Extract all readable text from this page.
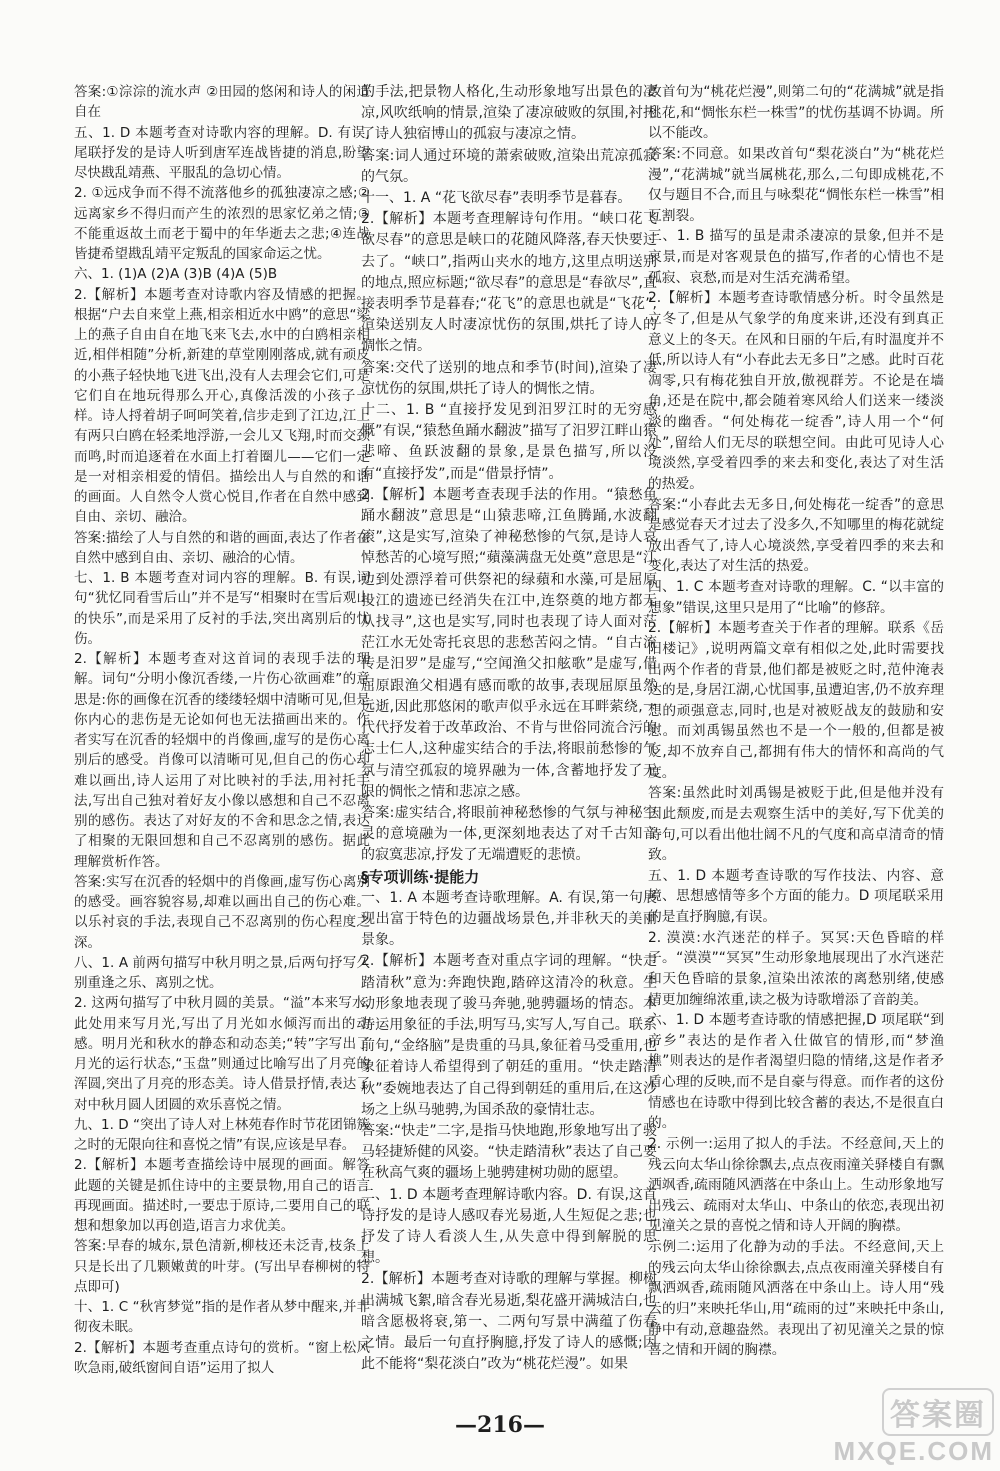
答案:①淙淙的流水声 ②田园的悠闲和诗人的闲适自在

五、1. D 本题考查对诗歌内容的理解。D. 有误,尾联抒发的是诗人听到唐军连战皆捷的消息,盼望尽快戡乱靖燕、平服乱的急切心情。

2. ①远戍争而不得不流落他乡的孤独凄凉之感;②远离家乡不得归而产生的浓烈的思家忆弟之情;③不能重返故土而老于蜀中的年华逝去之悲;④连战皆捷希望戡乱靖平定叛乱的国家命运之忧。

六、1. (1)A (2)A (3)B (4)A (5)B

2.【解析】本题考查对诗歌内容及情感的把握。根据“户去自来堂上燕,相亲相近水中鸥”的意思“梁上的燕子自由自在地飞来飞去,水中的白鸥相亲相近,相伴相随”分析,新建的草堂刚刚落成,就有顽皮的小燕子轻快地飞进飞出,没有人去理会它们,可是它们自在地玩得那么开心,真像活泼的小孩子一样。诗人捋着胡子呵呵笑着,信步走到了江边,江上有两只白鸥在轻柔地浮游,一会儿又飞翔,时而交颈而鸣,时而追逐着在水面上打着圈儿——它们一定是一对相亲相爱的情侣。描绘出人与自然的和谐的画面。人自然令人赏心悦目,作者在自然中感到自由、亲切、融洽。

答案:描绘了人与自然的和谐的画面,表达了作者在自然中感到自由、亲切、融洽的心情。

七、1. B 本题考查对词内容的理解。B. 有误,词句“犹忆同看雪后山”并不是写“相聚时在雪后观山的快乐”,而是采用了反衬的手法,突出离别后的忧伤。

2.【解析】本题考查对这首词的表现手法的理解。词句“分明小像沉香缕,一片伤心欲画难”的意思是:你的画像在沉香的缕缕轻烟中清晰可见,但是你内心的悲伤是无论如何也无法描画出来的。作者实写在沉香的轻烟中的肖像画,虚写的是伤心离别后的感受。肖像可以清晰可见,但自己的伤心却难以画出,诗人运用了对比映衬的手法,用衬托手法,写出自己独对着好友小像以感想和自己不忍离别的感伤。表达了对好友的不舍和思念之情,表达了相聚的无限回想和自己不忍离别的感伤。据此理解赏析作答。

答案:实写在沉香的轻烟中的肖像画,虚写伤心离别的感受。画容貌容易,却难以画出自己的伤心难。以乐衬哀的手法,表现自己不忍离别的伤心程度之深。

八、1. A 前两句描写中秋月明之景,后两句抒写久别重逢之乐、离别之忧。

2. 这两句描写了中秋月圆的美景。“溢”本来写水,此处用来写月光,写出了月光如水倾泻而出的动感。明月光和秋水的静态和动态美;“转”字写出了月光的运行状态,“玉盘”则通过比喻写出了月亮的浑圆,突出了月亮的形态美。诗人借景抒情,表达了对中秋月圆人团圆的欢乐喜悦之情。

九、1. D “突出了诗人对上林苑春作时节花团锦簇之时的无限向往和喜悦之情”有误,应该是早春。

2.【解析】本题考查描绘诗中展现的画面。解答此题的关键是抓住诗中的主要景物,用自己的语言再现画面。描述时,一要忠于原诗,二要用自己的联想和想象加以再创造,语言力求优美。

答案:早春的城东,景色清新,柳枝还未泛青,枝条上只是长出了几颗嫩黄的叶芽。(写出早春柳树的特点即可)

十、1. C “秋宵梦觉”指的是作者从梦中醒来,并非彻夜未眠。

2.【解析】本题考查重点诗句的赏析。“窗上松风吹急雨,破纸窗间自语”运用了拟人

的手法,把景物人格化,生动形象地写出景色的凄凉,风吹纸响的情景,渲染了凄凉破败的氛围,衬托了诗人独宿博山的孤寂与凄凉之情。

答案:词人通过环境的萧索破败,渲染出荒凉孤寂的气氛。

十一、1. A “花飞欲尽春”表明季节是暮春。

2.【解析】本题考查理解诗句作用。“峡口花飞欲尽春”的意思是峡口的花随风降落,春天快要过去了。“峡口”,指两山夹水的地方,这里点明送别的地点,照应标题;“欲尽春”的意思是“春欲尽”,直接表明季节是暮春;“花飞”的意思也就是“飞花”,渲染送别友人时凄凉忧伤的氛围,烘托了诗人的惆怅之情。

答案:交代了送别的地点和季节(时间),渲染了凄凉忧伤的氛围,烘托了诗人的惆怅之情。

十二、1. B “直接抒发见到汨罗江时的无穷感慨”有误,“猿愁鱼踊水翻波”描写了汨罗江畔山猿悲啼、鱼跃波翻的景象,是景色描写,所以没有“直接抒发”,而是“借景抒情”。

2.【解析】本题考查表现手法的作用。“猿愁鱼踊水翻波”意思是“山猿悲啼,江鱼腾踊,水波翻滚”,这是实写,渲染了神秘愁惨的气氛,是诗人哀悼愁苦的心境写照;“蘋藻满盘无处奠”意思是“江边到处漂浮着可供祭祀的绿蘋和水藻,可是屈原投江的遗迹已经消失在江中,连祭奠的地方都无从找寻”,这也是实写,同时也表现了诗人面对茫茫江水无处寄托哀思的悲愁苦闷之情。“自古流传是汨罗”是虚写,“空闻渔父扣舷歌”是虚写,借屈原跟渔父相遇有感而歌的故事,表现屈原虽然远逝,因此那悠闲的歌声似乎永远在耳畔萦绕,一代代抒发着于改革政治、不肯与世俗同流合污的志士仁人,这种虚实结合的手法,将眼前愁惨的气氛与清空孤寂的境界融为一体,含蓄地抒发了无限的惆怅之情和悲凉之感。

答案:虚实结合,将眼前神秘愁惨的气氛与神秘空灵的意境融为一体,更深刻地表达了对千古知音的寂寞悲凉,抒发了无端遭贬的悲愤。

§专项训练·提能力

一、1. A 本题考查诗歌理解。A. 有误,第一句展现出富于特色的边疆战场景色,并非秋天的美丽景象。

2.【解析】本题考查对重点字词的理解。“快走踏清秋”意为:奔跑快跑,踏碎这清冷的秋意。生动形象地表现了骏马奔驰,驰骋疆场的情态。本诗运用象征的手法,明写马,实写人,写自己。联系前句,“金络脑”是贵重的马具,象征着马受重用,也象征着诗人希望得到了朝廷的重用。“快走踏清秋”委婉地表达了自己得到朝廷的重用后,在这沙场之上纵马驰骋,为国杀敌的豪情壮志。

答案:“快走”二字,是指马快地跑,形象地写出了骏马轻捷矫健的风姿。“快走踏清秋”表达了自己要在秋高气爽的疆场上驰骋建树功勋的愿望。

二、1. D 本题考查理解诗歌内容。D. 有误,这首诗抒发的是诗人感叹春光易逝,人生短促之悲;也抒发了诗人看淡人生,从失意中得到解脱的思想。

2.【解析】本题考查对诗歌的理解与掌握。柳树出满城飞絮,暗含春光易逝,梨花盛开满城洁白,也暗含愿极将衰,第一、二两句写景中满蕴了伤春之情。最后一句直抒胸臆,抒发了诗人的感慨;因此不能将“梨花淡白”改为“桃花烂漫”。如果

改首句为“桃花烂漫”,则第二句的“花满城”就是指桃花,和“惆怅东栏一株雪”的忧伤基调不协调。所以不能改。

答案:不同意。如果改首句“梨花淡白”为“桃花烂漫”,“花满城”就当属桃花,那么,二句即成桃花,不仅与题目不合,而且与咏梨花“惆怅东栏一株雪”相互割裂。

三、1. B 描写的虽是肃杀凄凉的景象,但并不是哀景,而是对客观景色的描写,作者的心情也不是孤寂、哀愁,而是对生活充满希望。

2.【解析】本题考查诗歌情感分析。时令虽然是立冬了,但是从气象学的角度来讲,还没有到真正意义上的冬天。在风和日丽的午后,有时温度并不低,所以诗人有“小春此去无多日”之感。此时百花凋零,只有梅花独自开放,傲视群芳。不论是在墙角,还是在院中,都会随着寒风给人们送来一缕淡淡的幽香。“何处梅花一绽香”,诗人用一个“何处”,留给人们无尽的联想空间。由此可见诗人心境淡然,享受着四季的来去和变化,表达了对生活的热爱。

答案:“小春此去无多日,何处梅花一绽香”的意思是感觉春天才过去了没多久,不知哪里的梅花就绽放出香气了,诗人心境淡然,享受着四季的来去和变化,表达了对生活的热爱。

四、1. C 本题考查对诗歌的理解。C. “以丰富的想象”错误,这里只是用了“比喻”的修辞。

2.【解析】本题考查关于作者的理解。联系《岳阳楼记》,说明两篇文章有相似之处,此时需要找出两个作者的背景,他们都是被贬之时,范仲淹表达的是,身居江湖,心忧国事,虽遭迫害,仍不放弃理想的顽强意志,同时,也是对被贬战友的鼓励和安慰。而刘禹锡虽然也不是一个一般的,但都是被贬,却不放弃自己,都拥有伟大的情怀和高尚的气度。

答案:虽然此时刘禹锡是被贬于此,但是他并没有因此颓废,而是去观察生活中的美好,写下优美的诗句,可以看出他壮阔不凡的气度和高卓清奇的情致。

五、1. D 本题考查诗歌的写作技法、内容、意境、思想感情等多个方面的能力。D 项尾联采用的是直抒胸臆,有误。

2. 漠漠:水汽迷茫的样子。冥冥:天色昏暗的样子。“漠漠”“冥冥”生动形象地展现出了水汽迷茫和天色昏暗的景象,渲染出浓浓的离愁别绪,使感情更加缠绵浓重,读之极为诗歌增添了音韵美。

六、1. D 本题考查诗歌的情感把握,D 项尾联“到帝乡”表达的是作者入仕做官的情形,而“梦渔樵”则表达的是作者渴望归隐的情绪,这是作者矛盾心理的反映,而不是自豪与得意。而作者的这份情感也在诗歌中得到比较含蓄的表达,不是很直白的。

2. 示例一:运用了拟人的手法。不经意间,天上的残云向太华山徐徐飘去,点点夜雨潼关驿楼自有飘洒飒香,疏雨随风洒落在中条山上。生动形象地写出残云、疏雨对太华山、中条山的依恋,表现出初见潼关之景的喜悦之情和诗人开阔的胸襟。

示例二:运用了化静为动的手法。不经意间,天上的残云向太华山徐徐飘去,点点夜雨潼关驿楼自有飘洒飒香,疏雨随风洒落在中条山上。诗人用“残云的归”来映托华山,用“疏雨的过”来映托中条山,静中有动,意趣盎然。表现出了初见潼关之景的惊喜之情和开阔的胸襟。

—216—	答案圈
MXQE.COM
